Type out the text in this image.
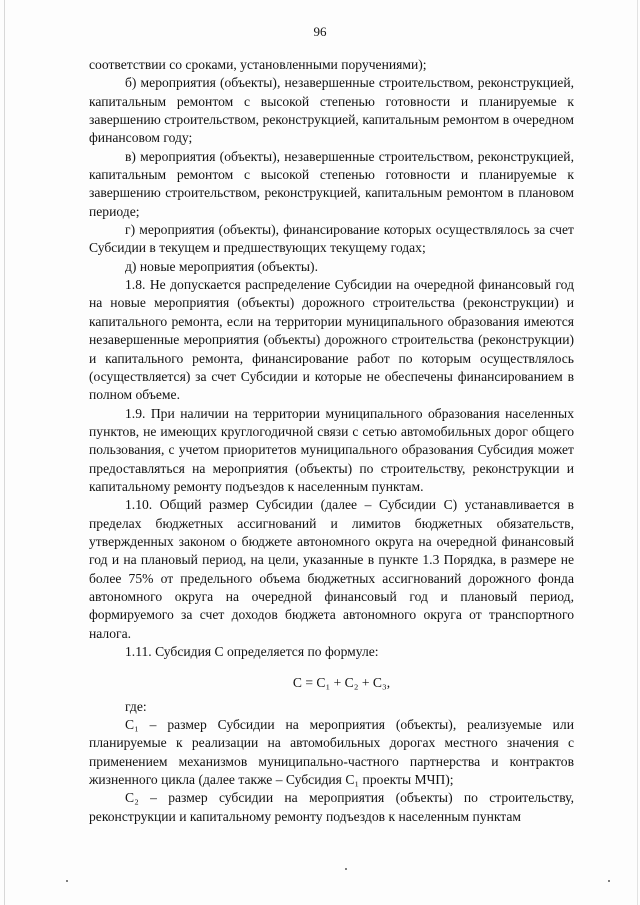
96

соответствии со сроками, установленными поручениями);

б) мероприятия (объекты), незавершенные строительством, реконструкцией, капитальным ремонтом с высокой степенью готовности и планируемые к завершению строительством, реконструкцией, капитальным ремонтом в очередном финансовом году;

в) мероприятия (объекты), незавершенные строительством, реконструкцией, капитальным ремонтом с высокой степенью готовности и планируемые к завершению строительством, реконструкцией, капитальным ремонтом в плановом периоде;

г) мероприятия (объекты), финансирование которых осуществлялось за счет Субсидии в текущем и предшествующих текущему годах;

д) новые мероприятия (объекты).

1.8. Не допускается распределение Субсидии на очередной финансовый год на новые мероприятия (объекты) дорожного строительства (реконструкции) и капитального ремонта, если на территории муниципального образования имеются незавершенные мероприятия (объекты) дорожного строительства (реконструкции) и капитального ремонта, финансирование работ по которым осуществлялось (осуществляется) за счет Субсидии и которые не обеспечены финансированием в полном объеме.

1.9. При наличии на территории муниципального образования населенных пунктов, не имеющих круглогодичной связи с сетью автомобильных дорог общего пользования, с учетом приоритетов муниципального образования Субсидия может предоставляться на мероприятия (объекты) по строительству, реконструкции и капитальному ремонту подъездов к населенным пунктам.

1.10. Общий размер Субсидии (далее – Субсидии С) устанавливается в пределах бюджетных ассигнований и лимитов бюджетных обязательств, утвержденных законом о бюджете автономного округа на очередной финансовый год и на плановый период, на цели, указанные в пункте 1.3 Порядка, в размере не более 75% от предельного объема бюджетных ассигнований дорожного фонда автономного округа на очередной финансовый год и плановый период, формируемого за счет доходов бюджета автономного округа от транспортного налога.

1.11. Субсидия С определяется по формуле:

С = С₁ + С₂ + С₃,

где:

С₁ – размер Субсидии на мероприятия (объекты), реализуемые или планируемые к реализации на автомобильных дорогах местного значения с применением механизмов муниципально-частного партнерства и контрактов жизненного цикла (далее также – Субсидия С₁ проекты МЧП);

С₂ – размер субсидии на мероприятия (объекты) по строительству, реконструкции и капитальному ремонту подъездов к населенным пунктам
